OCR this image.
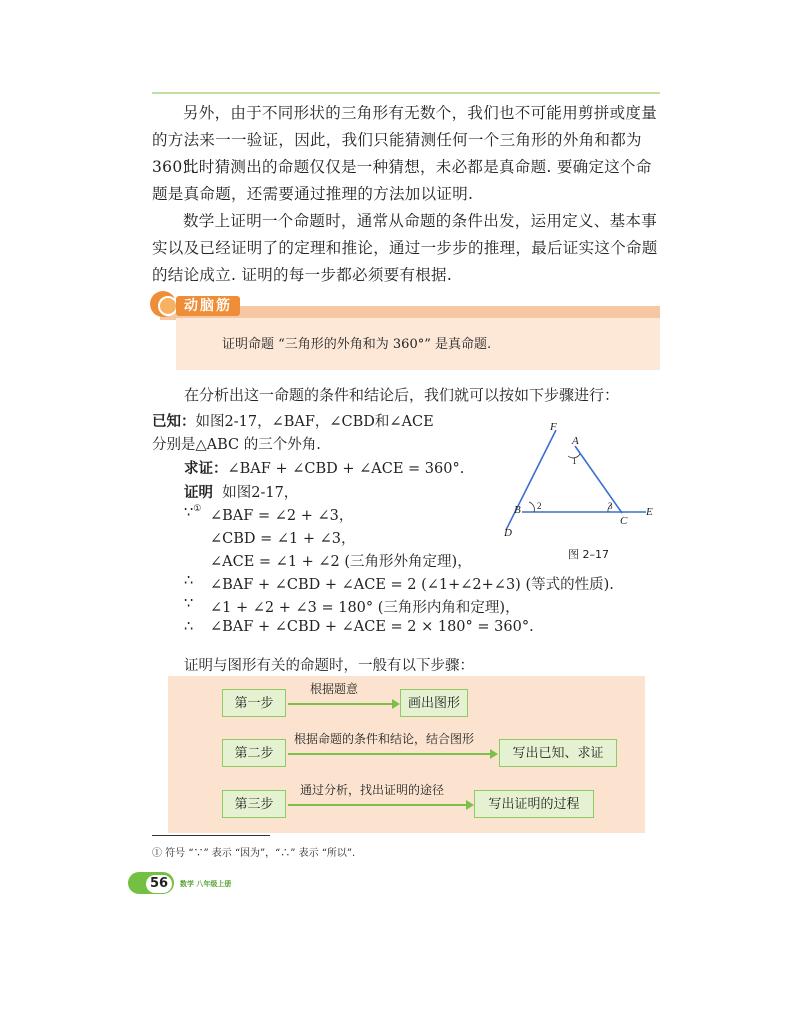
另外，由于不同形状的三角形有无数个，我们也不可能用剪拼或度量的方法来一一验证，因此，我们只能猜测任何一个三角形的外角和都为 360°.
此时猜测出的命题仅仅是一种猜想，未必都是真命题. 要确定这个命题是真命题，还需要通过推理的方法加以证明.
数学上证明一个命题时，通常从命题的条件出发，运用定义、基本事实以及已经证明了的定理和推论，通过一步步的推理，最后证实这个命题的结论成立. 证明的每一步都必须要有根据.
动脑筋
证明命题 “三角形的外角和为 360°” 是真命题.
在分析出这一命题的条件和结论后，我们就可以按如下步骤进行：
已知：如图2-17，∠BAF，∠CBD和∠ACE
分别是△ABC 的三个外角.
求证：∠BAF + ∠CBD + ∠ACE = 360°.
证明 如图2-17，
∵① ∠BAF = ∠2 + ∠3，
∠CBD = ∠1 + ∠3，
∠ACE = ∠1 + ∠2 (三角形外角定理)，
∴ ∠BAF + ∠CBD + ∠ACE = 2 (∠1+∠2+∠3) (等式的性质).
∵ ∠1 + ∠2 + ∠3 = 180° (三角形内角和定理)，
∴ ∠BAF + ∠CBD + ∠ACE = 2 × 180° = 360°.
F
A
B
C
D
E
1
2	3
图 2–17
证明与图形有关的命题时，一般有以下步骤：
第一步
根据题意
画出图形
第二步
根据命题的条件和结论，结合图形
写出已知、求证
第三步
通过分析，找出证明的途径
写出证明的过程
① 符号 “∵” 表示 “因为”，“∴” 表示 “所以”.
56	数学 八年级上册
